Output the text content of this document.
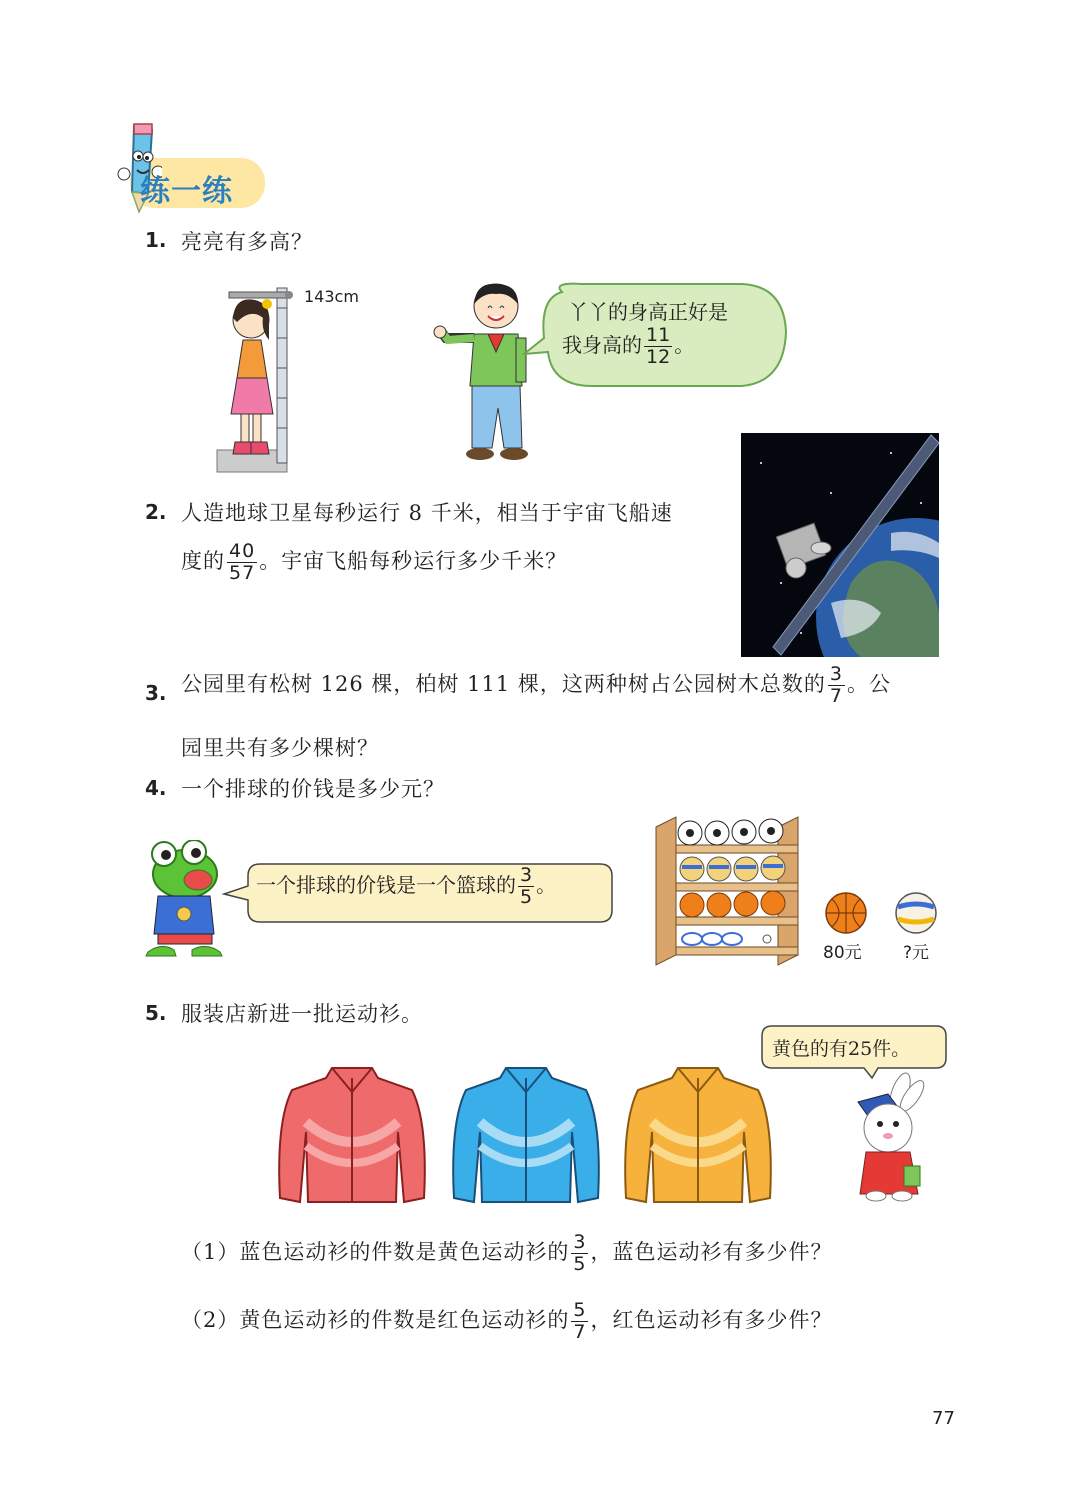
练一练
1. 亮亮有多高？
143cm
丫丫的身高正好是
我身高的 $\frac{11}{12}$ 。
2. 人造地球卫星每秒运行 8 千米，相当于宇宙飞船速
度的 $\frac{40}{57}$ 。宇宙飞船每秒运行多少千米？
3. 公园里有松树 126 棵，柏树 111 棵，这两种树占公园树木总数的 $\frac{3}{7}$ 。公
园里共有多少棵树？
4. 一个排球的价钱是多少元？
一个排球的价钱是一个篮球的 $\frac{3}{5}$ 。
80元 ?元
5. 服装店新进一批运动衫。
黄色的有25件。
（1）蓝色运动衫的件数是黄色运动衫的 $\frac{3}{5}$ ，蓝色运动衫有多少件？
（2）黄色运动衫的件数是红色运动衫的 $\frac{5}{7}$ ，红色运动衫有多少件？
77
